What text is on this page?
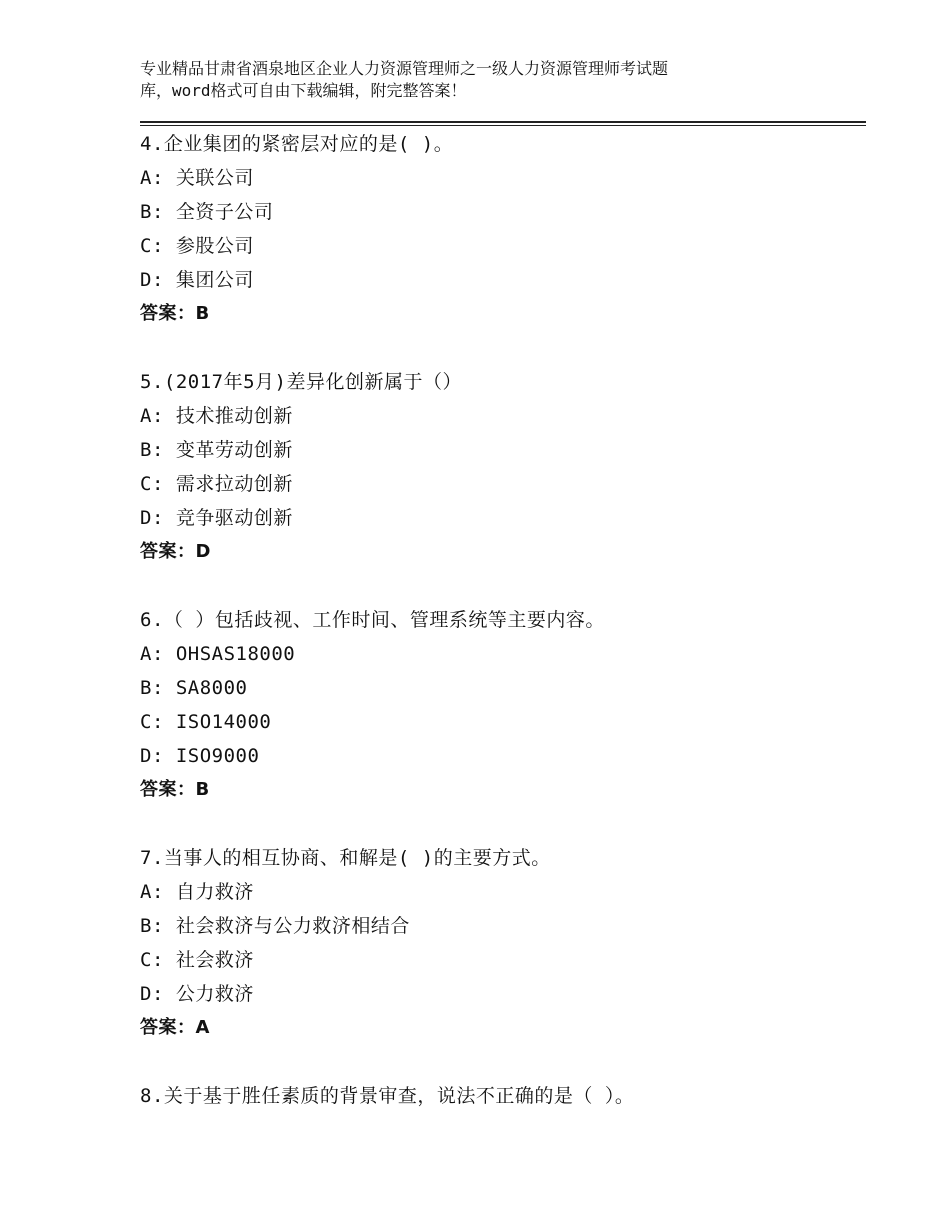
专业精品甘肃省酒泉地区企业人力资源管理师之一级人力资源管理师考试题
库，word格式可自由下载编辑，附完整答案！
4.企业集团的紧密层对应的是( )。
A: 关联公司
B: 全资子公司
C: 参股公司
D: 集团公司
答案：B
5.(2017年5月)差异化创新属于（）
A: 技术推动创新
B: 变革劳动创新
C: 需求拉动创新
D: 竞争驱动创新
答案：D
6.（ ）包括歧视、工作时间、管理系统等主要内容。
A: OHSAS18000
B: SA8000
C: ISO14000
D: ISO9000
答案：B
7.当事人的相互协商、和解是( )的主要方式。
A: 自力救济
B: 社会救济与公力救济相结合
C: 社会救济
D: 公力救济
答案：A
8.关于基于胜任素质的背景审查，说法不正确的是（ ）。
